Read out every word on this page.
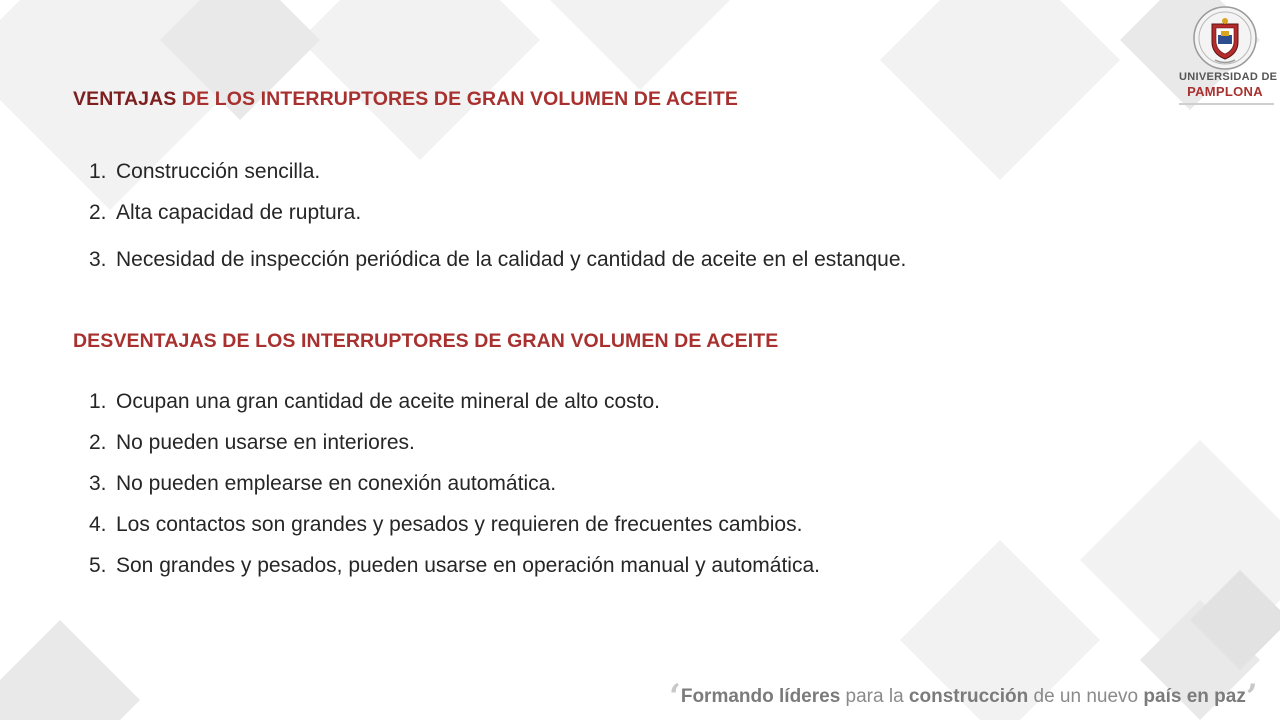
VENTAJAS DE LOS INTERRUPTORES DE GRAN VOLUMEN DE ACEITE
1. Construcción sencilla.
2. Alta capacidad de ruptura.
3. Necesidad de inspección periódica de la calidad y cantidad de aceite en el estanque.
DESVENTAJAS DE LOS INTERRUPTORES DE GRAN VOLUMEN DE ACEITE
1. Ocupan una gran cantidad de aceite mineral de alto costo.
2. No pueden usarse en interiores.
3. No pueden emplearse en conexión automática.
4. Los contactos son grandes y pesados y requieren de frecuentes cambios.
5. Son grandes y pesados, pueden usarse en operación manual y automática.
UNIVERSIDAD DE
PAMPLONA
‘Formando líderes para la construcción de un nuevo país en paz’
